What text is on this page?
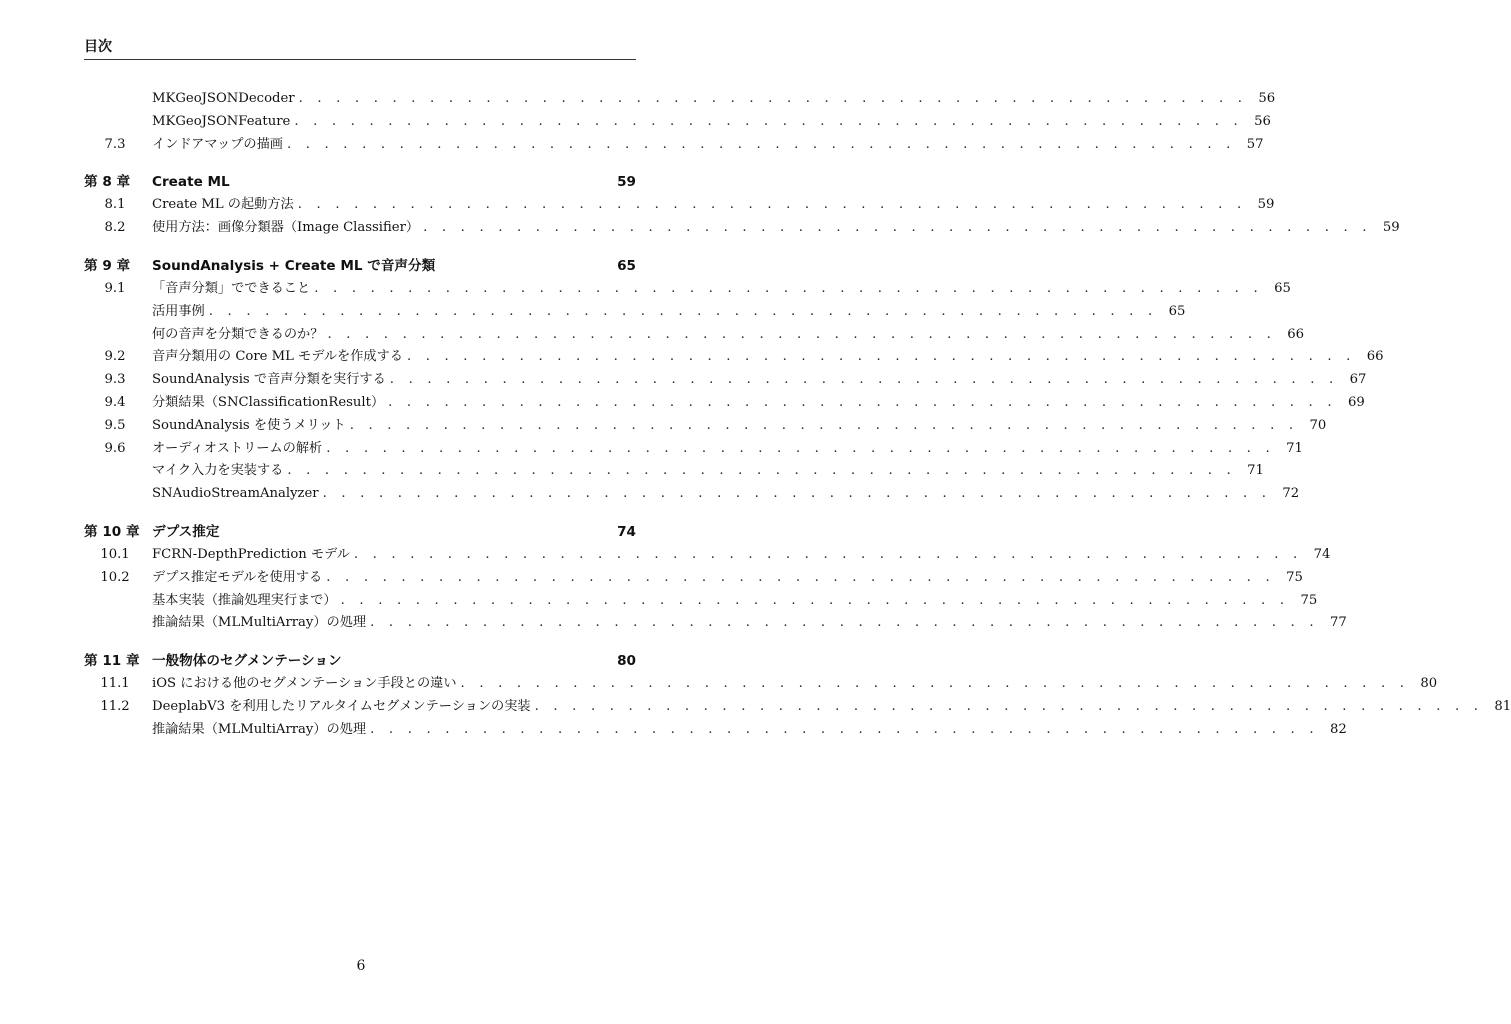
目次
MKGeoJSONDecoder . . . . . . . . . . . . . . . . . . . . . . . . . . . . . . . . . . . . . . . . . . . . . . . . . . . 56
MKGeoJSONFeature . . . . . . . . . . . . . . . . . . . . . . . . . . . . . . . . . . . . . . . . . . . . . . . . . . . 56
7.3	インドアマップの描画 . . . . . . . . . . . . . . . . . . . . . . . . . . . . . . . . . . . . . . . . . . . . . . . . . . . 57
第 8 章 Create ML	59
8.1	Create ML の起動方法 . . . . . . . . . . . . . . . . . . . . . . . . . . . . . . . . . . . . . . . . . . . . . . . . . . . 59
8.2	使用方法：画像分類器（Image Classifier） . . . . . . . . . . . . . . . . . . . . . . . . . . . . . . . . . . . . . . . . . . . . . . . . . . . 59
第 9 章 SoundAnalysis + Create ML で音声分類	65
9.1	「音声分類」でできること . . . . . . . . . . . . . . . . . . . . . . . . . . . . . . . . . . . . . . . . . . . . . . . . . . . 65
活用事例 . . . . . . . . . . . . . . . . . . . . . . . . . . . . . . . . . . . . . . . . . . . . . . . . . . . 65
何の音声を分類できるのか？ . . . . . . . . . . . . . . . . . . . . . . . . . . . . . . . . . . . . . . . . . . . . . . . . . . . 66
9.2	音声分類用の Core ML モデルを作成する . . . . . . . . . . . . . . . . . . . . . . . . . . . . . . . . . . . . . . . . . . . . . . . . . . . 66
9.3	SoundAnalysis で音声分類を実行する . . . . . . . . . . . . . . . . . . . . . . . . . . . . . . . . . . . . . . . . . . . . . . . . . . . 67
9.4	分類結果（SNClassificationResult） . . . . . . . . . . . . . . . . . . . . . . . . . . . . . . . . . . . . . . . . . . . . . . . . . . . 69
9.5	SoundAnalysis を使うメリット . . . . . . . . . . . . . . . . . . . . . . . . . . . . . . . . . . . . . . . . . . . . . . . . . . . 70
9.6	オーディオストリームの解析 . . . . . . . . . . . . . . . . . . . . . . . . . . . . . . . . . . . . . . . . . . . . . . . . . . . 71
マイク入力を実装する . . . . . . . . . . . . . . . . . . . . . . . . . . . . . . . . . . . . . . . . . . . . . . . . . . . 71
SNAudioStreamAnalyzer . . . . . . . . . . . . . . . . . . . . . . . . . . . . . . . . . . . . . . . . . . . . . . . . . . . 72
第 10 章 デプス推定	74
10.1	FCRN-DepthPrediction モデル . . . . . . . . . . . . . . . . . . . . . . . . . . . . . . . . . . . . . . . . . . . . . . . . . . . 74
10.2	デプス推定モデルを使用する . . . . . . . . . . . . . . . . . . . . . . . . . . . . . . . . . . . . . . . . . . . . . . . . . . . 75
基本実装（推論処理実行まで） . . . . . . . . . . . . . . . . . . . . . . . . . . . . . . . . . . . . . . . . . . . . . . . . . . . 75
推論結果（MLMultiArray）の処理 . . . . . . . . . . . . . . . . . . . . . . . . . . . . . . . . . . . . . . . . . . . . . . . . . . . 77
第 11 章 一般物体のセグメンテーション	80
11.1	iOS における他のセグメンテーション手段との違い . . . . . . . . . . . . . . . . . . . . . . . . . . . . . . . . . . . . . . . . . . . . . . . . . . . 80
11.2	DeeplabV3 を利用したリアルタイムセグメンテーションの実装 . . . . . . . . . . . . . . . . . . . . . . . . . . . . . . . . . . . . . . . . . . . . . . . . . . . 81
推論結果（MLMultiArray）の処理 . . . . . . . . . . . . . . . . . . . . . . . . . . . . . . . . . . . . . . . . . . . . . . . . . . . 82
6
